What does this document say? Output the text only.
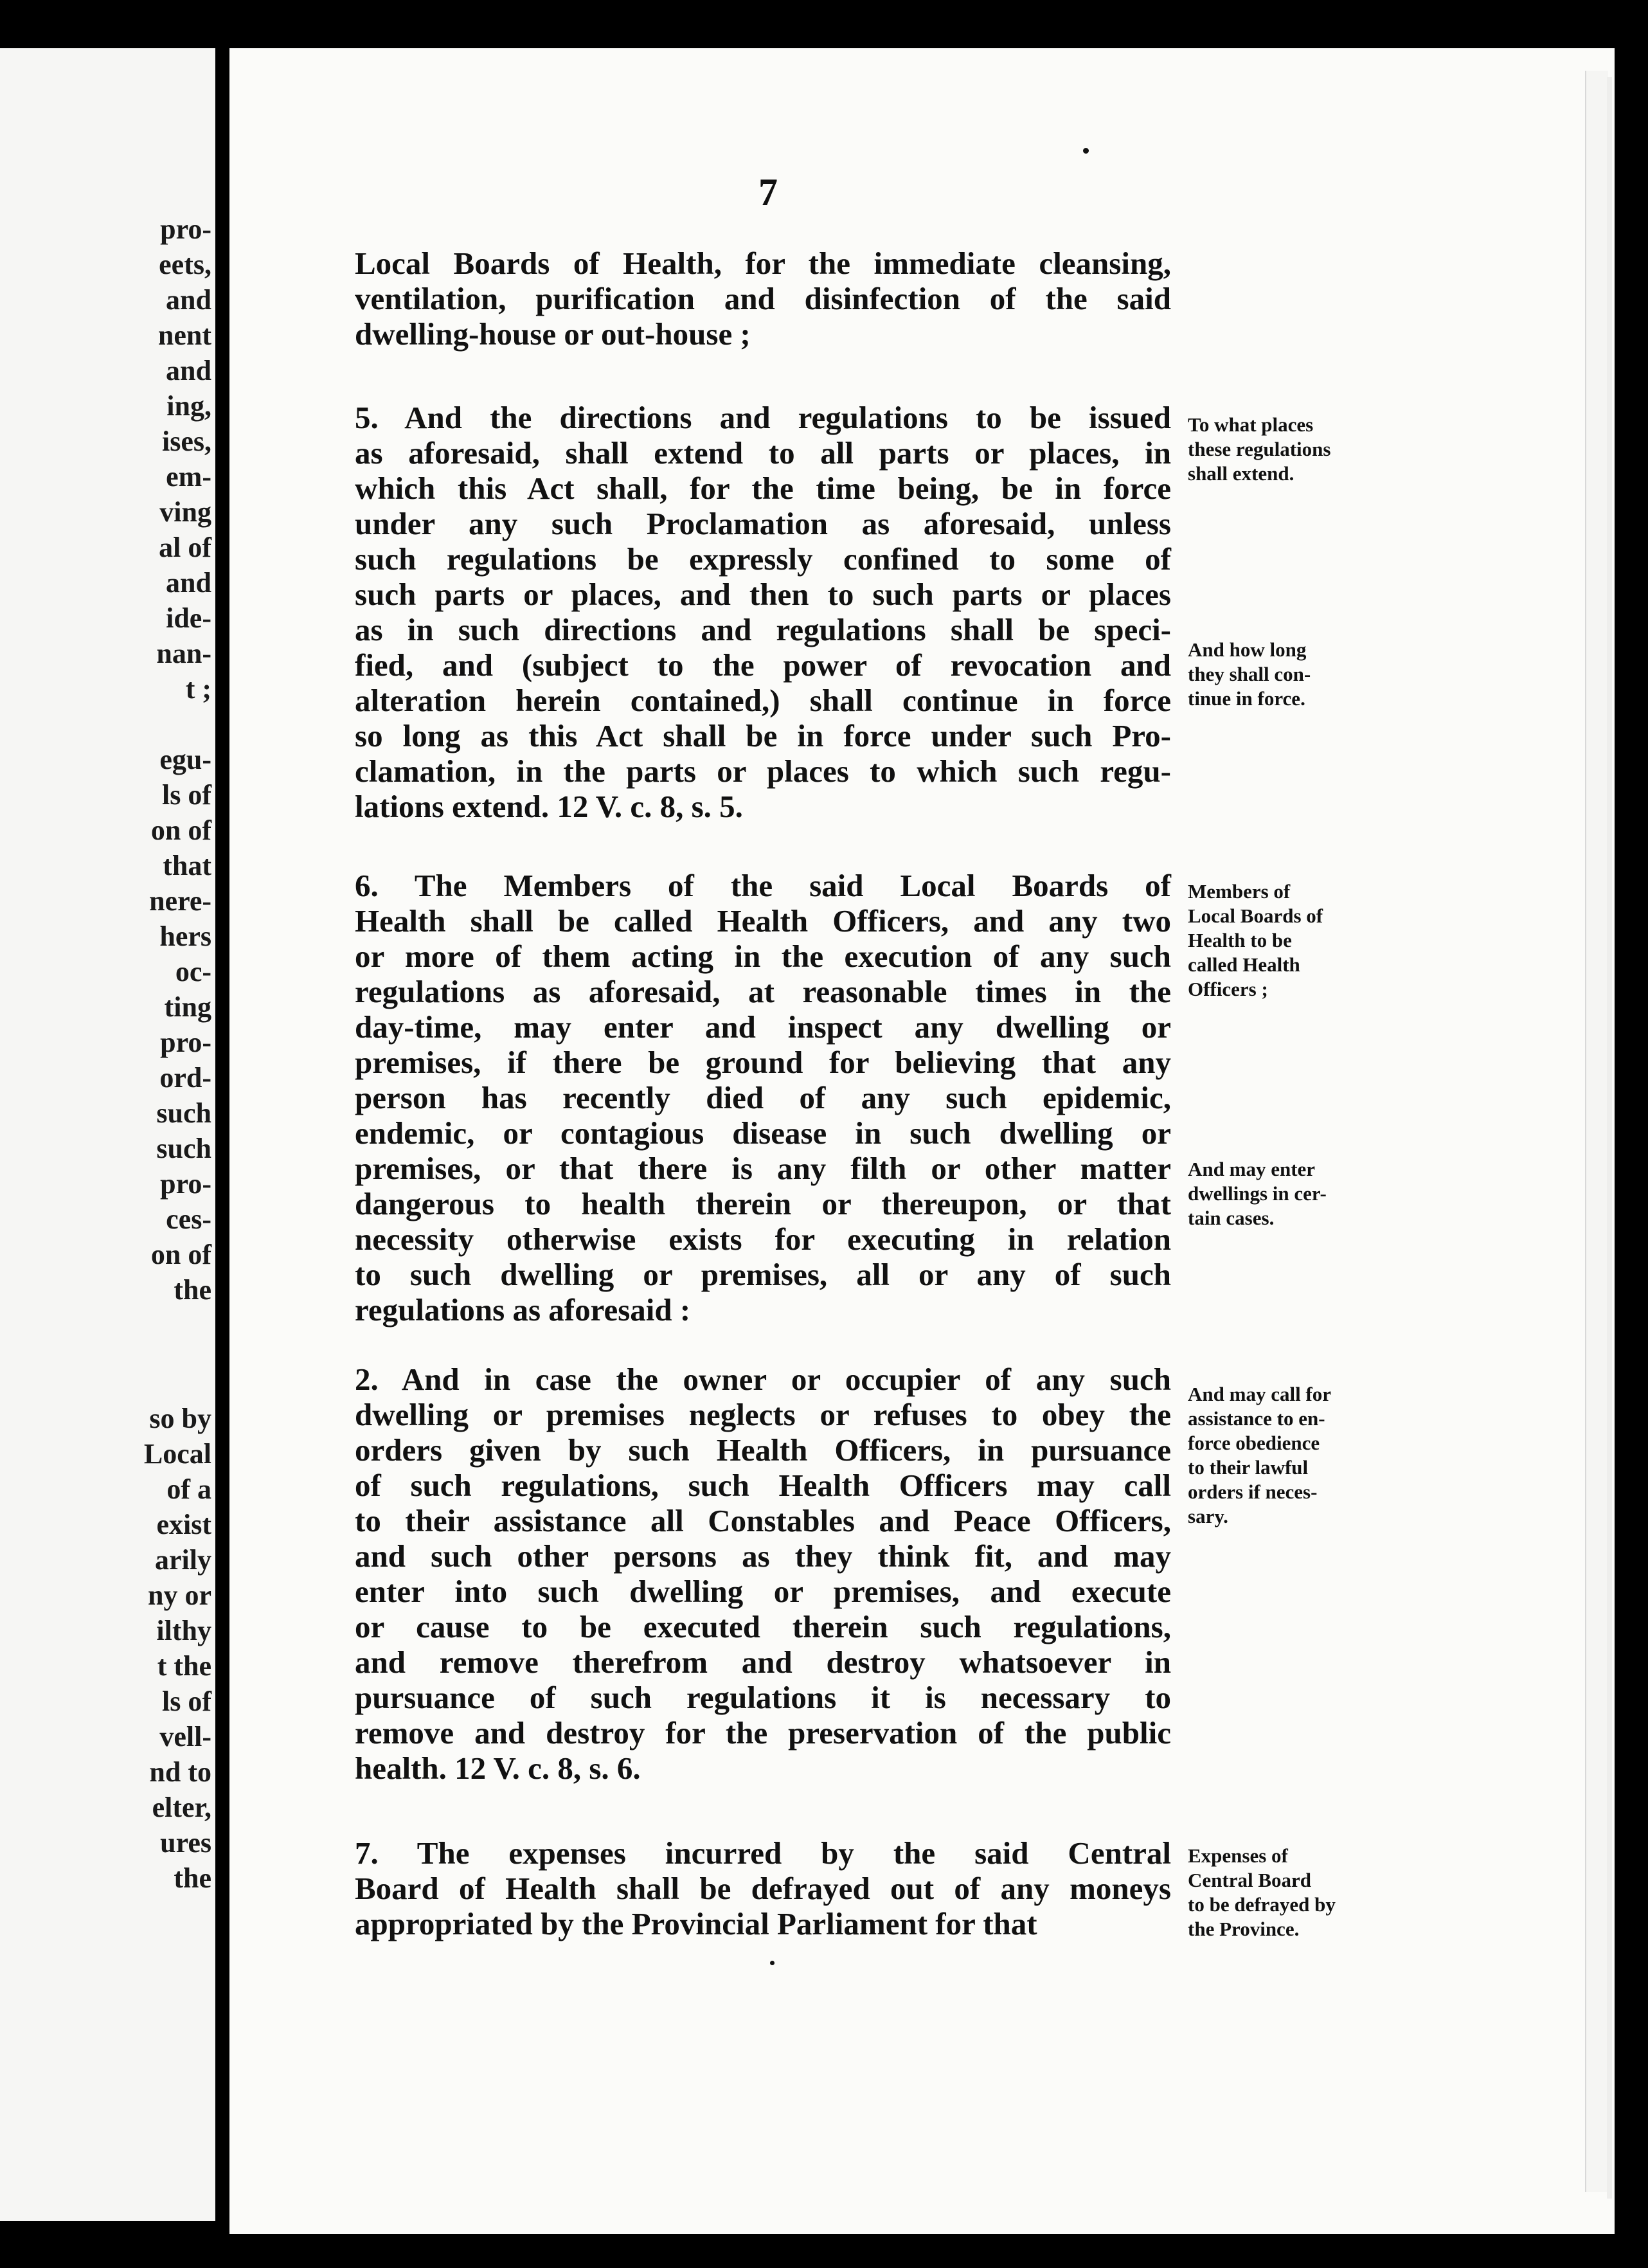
pro-
eets,
and
nent
and
ing,
ises,
em-
ving
al of
and
ide-
nan-
t ;
egu-
ls of
on of
that
nere-
hers
oc-
ting
pro-
ord-
such
such
pro-
ces-
on of
the
so by
Local
of a
exist
arily
ny or
ilthy
t the
ls of
vell-
nd to
elter,
ures
the
7
Local Boards of Health, for the immediate cleansing,
ventilation, purification and disinfection of the said
dwelling-house or out-house ;
5. And the directions and regulations to be issued
as aforesaid, shall extend to all parts or places, in
which this Act shall, for the time being, be in force
under any such Proclamation as aforesaid, unless
such regulations be expressly confined to some of
such parts or places, and then to such parts or places
as in such directions and regulations shall be speci-
fied, and (subject to the power of revocation and
alteration herein contained,) shall continue in force
so long as this Act shall be in force under such Pro-
clamation, in the parts or places to which such regu-
lations extend. 12 V. c. 8, s. 5.
6. The Members of the said Local Boards of
Health shall be called Health Officers, and any two
or more of them acting in the execution of any such
regulations as aforesaid, at reasonable times in the
day-time, may enter and inspect any dwelling or
premises, if there be ground for believing that any
person has recently died of any such epidemic,
endemic, or contagious disease in such dwelling or
premises, or that there is any filth or other matter
dangerous to health therein or thereupon, or that
necessity otherwise exists for executing in relation
to such dwelling or premises, all or any of such
regulations as aforesaid :
2. And in case the owner or occupier of any such
dwelling or premises neglects or refuses to obey the
orders given by such Health Officers, in pursuance
of such regulations, such Health Officers may call
to their assistance all Constables and Peace Officers,
and such other persons as they think fit, and may
enter into such dwelling or premises, and execute
or cause to be executed therein such regulations,
and remove therefrom and destroy whatsoever in
pursuance of such regulations it is necessary to
remove and destroy for the preservation of the public
health. 12 V. c. 8, s. 6.
7. The expenses incurred by the said Central
Board of Health shall be defrayed out of any moneys
appropriated by the Provincial Parliament for that
To what places
these regulations
shall extend.
And how long
they shall con-
tinue in force.
Members of
Local Boards of
Health to be
called Health
Officers ;
And may enter
dwellings in cer-
tain cases.
And may call for
assistance to en-
force obedience
to their lawful
orders if neces-
sary.
Expenses of
Central Board
to be defrayed by
the Province.
